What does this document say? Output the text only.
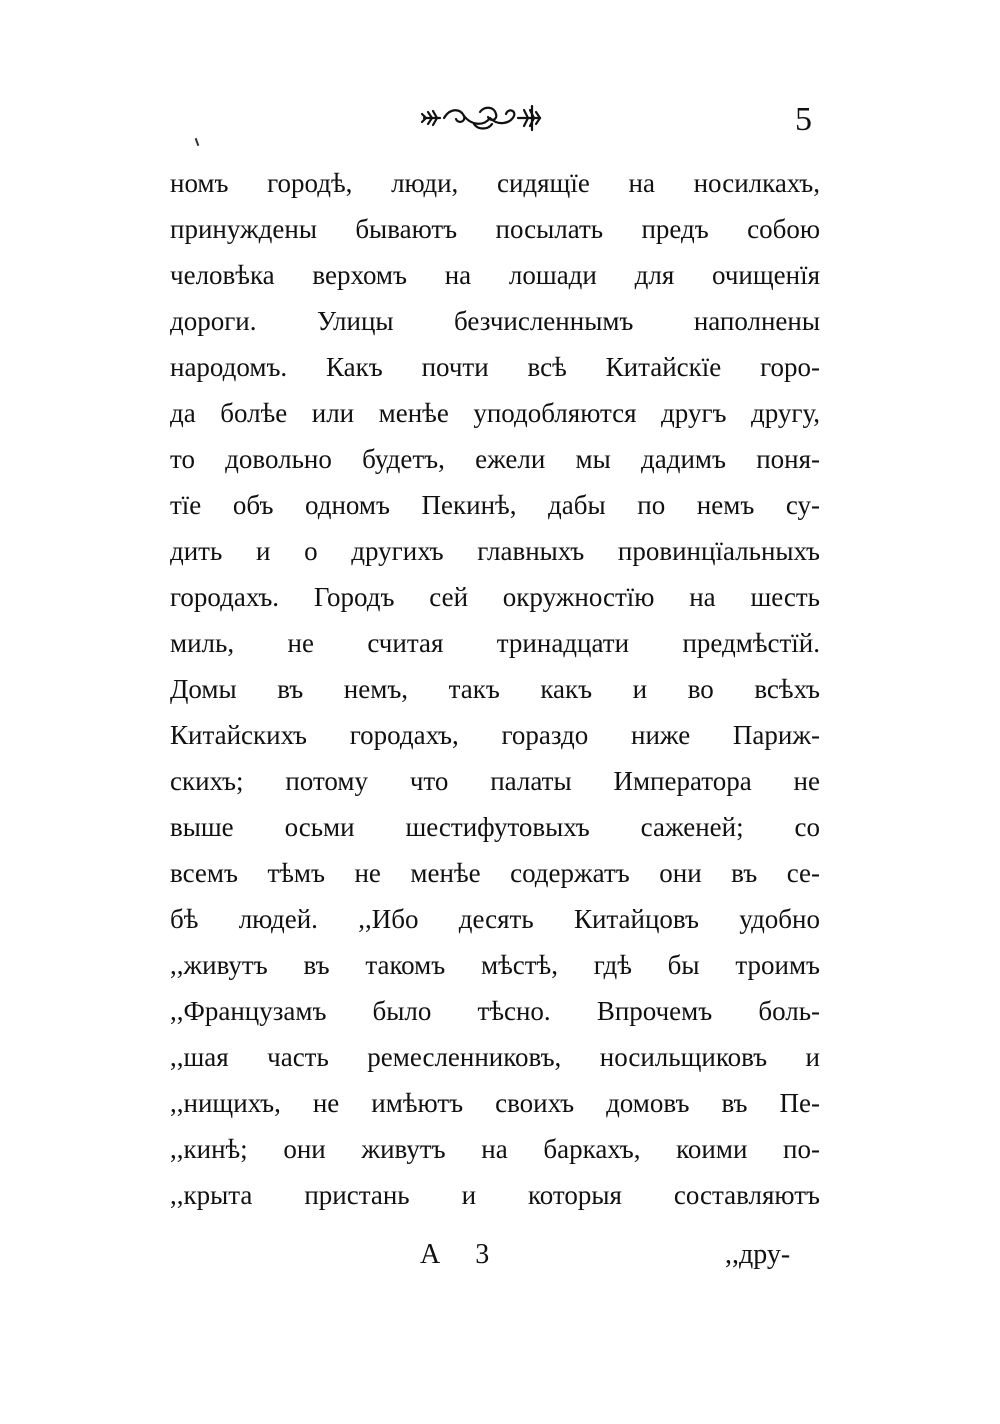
5
номъ городѣ, люди, сидящïе на носилкахъ,
принуждены бываютъ посылать предъ собою
человѣка верхомъ на лошади для очищенïя
дороги. Улицы безчисленнымъ наполнены
народомъ. Какъ почти всѣ Китайскïе горо-
да болѣе или менѣе уподобляются другъ другу,
то довольно будетъ, ежели мы дадимъ поня-
тïе объ одномъ Пекинѣ, дабы по немъ су-
дить и о другихъ главныхъ провинцïальныхъ
городахъ. Городъ сей окружностïю на шесть
миль, не считая тринадцати предмѣстïй.
Домы въ немъ, такъ какъ и во всѣхъ
Китайскихъ городахъ, гораздо ниже Париж-
скихъ; потому что палаты Императора не
выше осьми шестифутовыхъ саженей; со
всемъ тѣмъ не менѣе содержатъ они въ се-
бѣ людей. ,,Ибо десять Китайцовъ удобно
,,живутъ въ такомъ мѣстѣ, гдѣ бы троимъ
,,Французамъ было тѣсно. Впрочемъ боль-
,,шая часть ремесленниковъ, носильщиковъ и
,,нищихъ, не имѣютъ своихъ домовъ въ Пе-
,,кинѣ; они живутъ на баркахъ, коими по-
,,крыта пристань и которыя составляютъ
А 3	,,дру-
